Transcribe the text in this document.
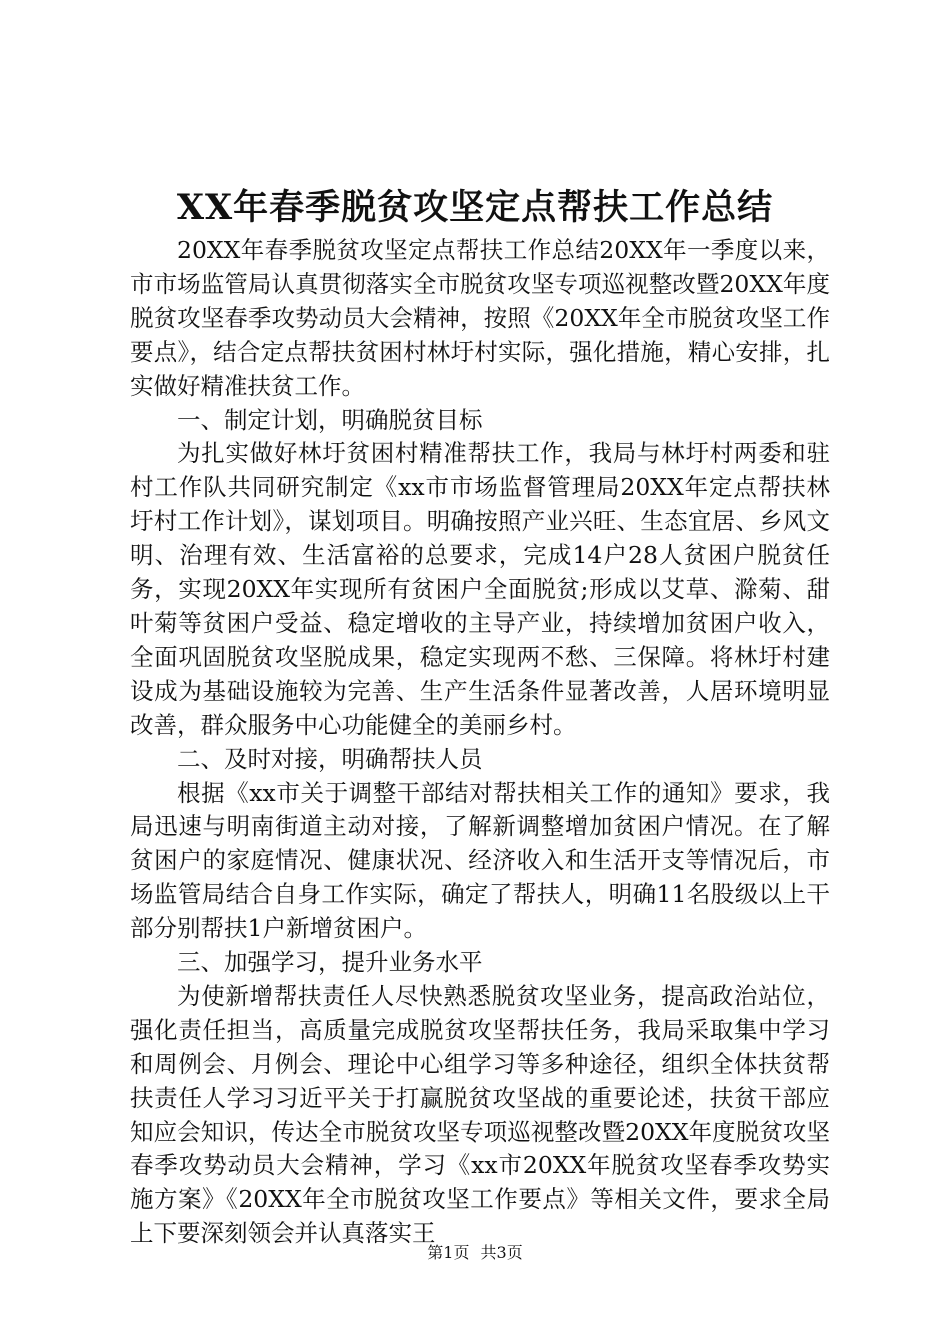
XX年春季脱贫攻坚定点帮扶工作总结

20XX年春季脱贫攻坚定点帮扶工作总结20XX年一季度以来，市市场监管局认真贯彻落实全市脱贫攻坚专项巡视整改暨20XX年度脱贫攻坚春季攻势动员大会精神，按照《20XX年全市脱贫攻坚工作要点》，结合定点帮扶贫困村林圩村实际，强化措施，精心安排，扎实做好精准扶贫工作。

一、制定计划，明确脱贫目标

为扎实做好林圩贫困村精准帮扶工作，我局与林圩村两委和驻村工作队共同研究制定《xx市市场监督管理局20XX年定点帮扶林圩村工作计划》，谋划项目。明确按照产业兴旺、生态宜居、乡风文明、治理有效、生活富裕的总要求，完成14户28人贫困户脱贫任务，实现20XX年实现所有贫困户全面脱贫;形成以艾草、滁菊、甜叶菊等贫困户受益、稳定增收的主导产业，持续增加贫困户收入，全面巩固脱贫攻坚脱成果，稳定实现两不愁、三保障。将林圩村建设成为基础设施较为完善、生产生活条件显著改善，人居环境明显改善，群众服务中心功能健全的美丽乡村。

二、及时对接，明确帮扶人员

根据《xx市关于调整干部结对帮扶相关工作的通知》要求，我局迅速与明南街道主动对接，了解新调整增加贫困户情况。在了解贫困户的家庭情况、健康状况、经济收入和生活开支等情况后，市场监管局结合自身工作实际，确定了帮扶人，明确11名股级以上干部分别帮扶1户新增贫困户。

三、加强学习，提升业务水平

为使新增帮扶责任人尽快熟悉脱贫攻坚业务，提高政治站位，强化责任担当，高质量完成脱贫攻坚帮扶任务，我局采取集中学习和周例会、月例会、理论中心组学习等多种途径，组织全体扶贫帮扶责任人学习习近平关于打赢脱贫攻坚战的重要论述，扶贫干部应知应会知识，传达全市脱贫攻坚专项巡视整改暨20XX年度脱贫攻坚春季攻势动员大会精神，学习《xx市20XX年脱贫攻坚春季攻势实施方案》《20XX年全市脱贫攻坚工作要点》等相关文件，要求全局上下要深刻领会并认真落实王

第1页 共3页
